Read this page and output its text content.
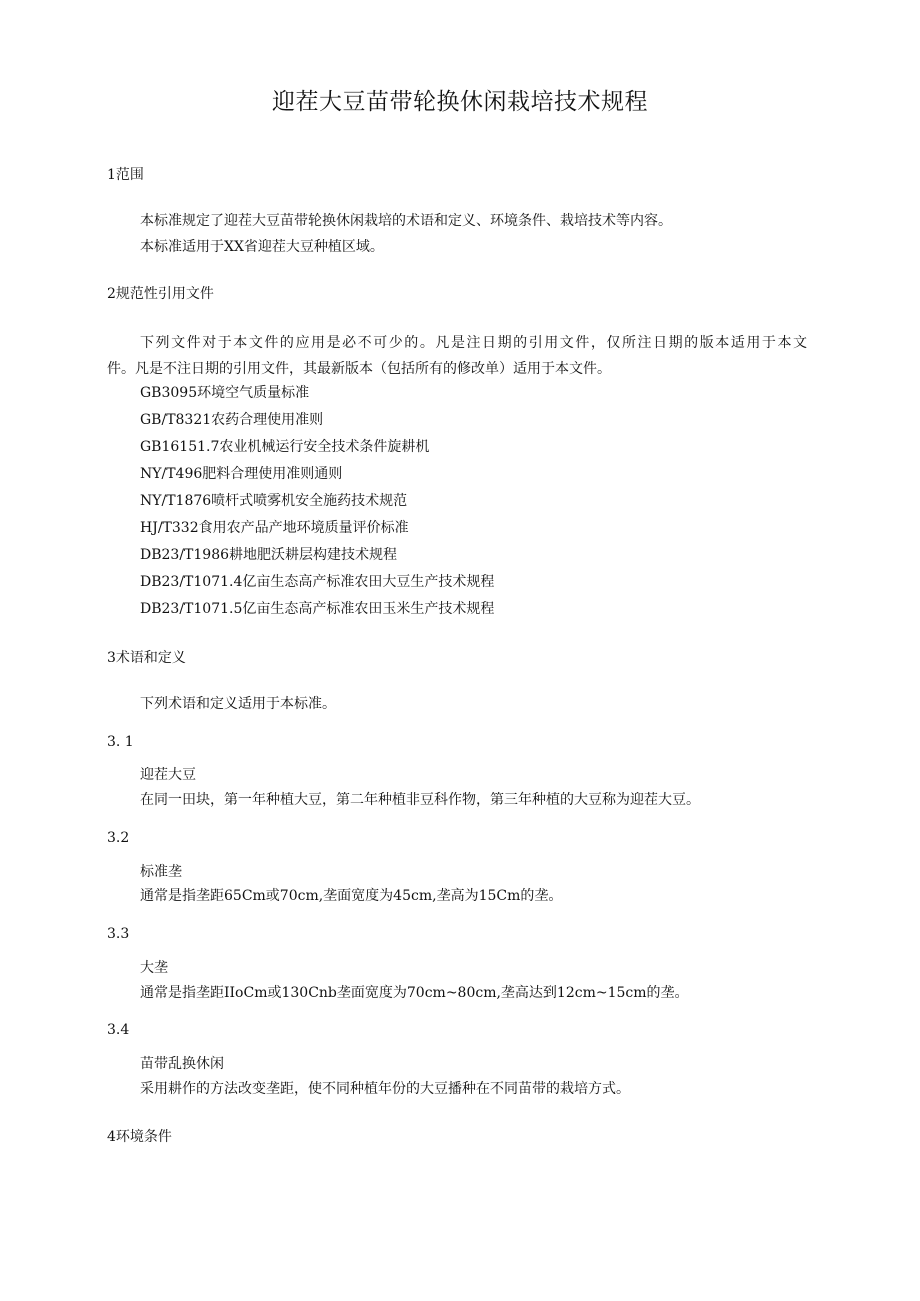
迎茬大豆苗带轮换休闲栽培技术规程
1范围
本标准规定了迎茬大豆苗带轮换休闲栽培的术语和定义、环境条件、栽培技术等内容。
本标准适用于XX省迎茬大豆种植区域。
2规范性引用文件
下列文件对于本文件的应用是必不可少的。凡是注日期的引用文件，仅所注日期的版本适用于本文
件。凡是不注日期的引用文件，其最新版本（包括所有的修改单）适用于本文件。
GB3095环境空气质量标准
GB/T8321农药合理使用准则
GB16151.7农业机械运行安全技术条件旋耕机
NY/T496肥料合理使用准则通则
NY/T1876喷杆式喷雾机安全施药技术规范
HJ/T332食用农产品产地环境质量评价标准
DB23/T1986耕地肥沃耕层构建技术规程
DB23/T1071.4亿亩生态高产标准农田大豆生产技术规程
DB23/T1071.5亿亩生态高产标准农田玉米生产技术规程
3术语和定义
下列术语和定义适用于本标准。
3. 1
迎茬大豆
在同一田块，第一年种植大豆，第二年种植非豆科作物，第三年种植的大豆称为迎茬大豆。
3.2
标准垄
通常是指垄距65Cm或70cm,垄面宽度为45cm,垄高为15Cm的垄。
3.3
大垄
通常是指垄距IIoCm或130Cnb垄面宽度为70cm~80cm,垄高达到12cm~15cm的垄。
3.4
苗带乱换休闲
采用耕作的方法改变垄距，使不同种植年份的大豆播种在不同苗带的栽培方式。
4环境条件
